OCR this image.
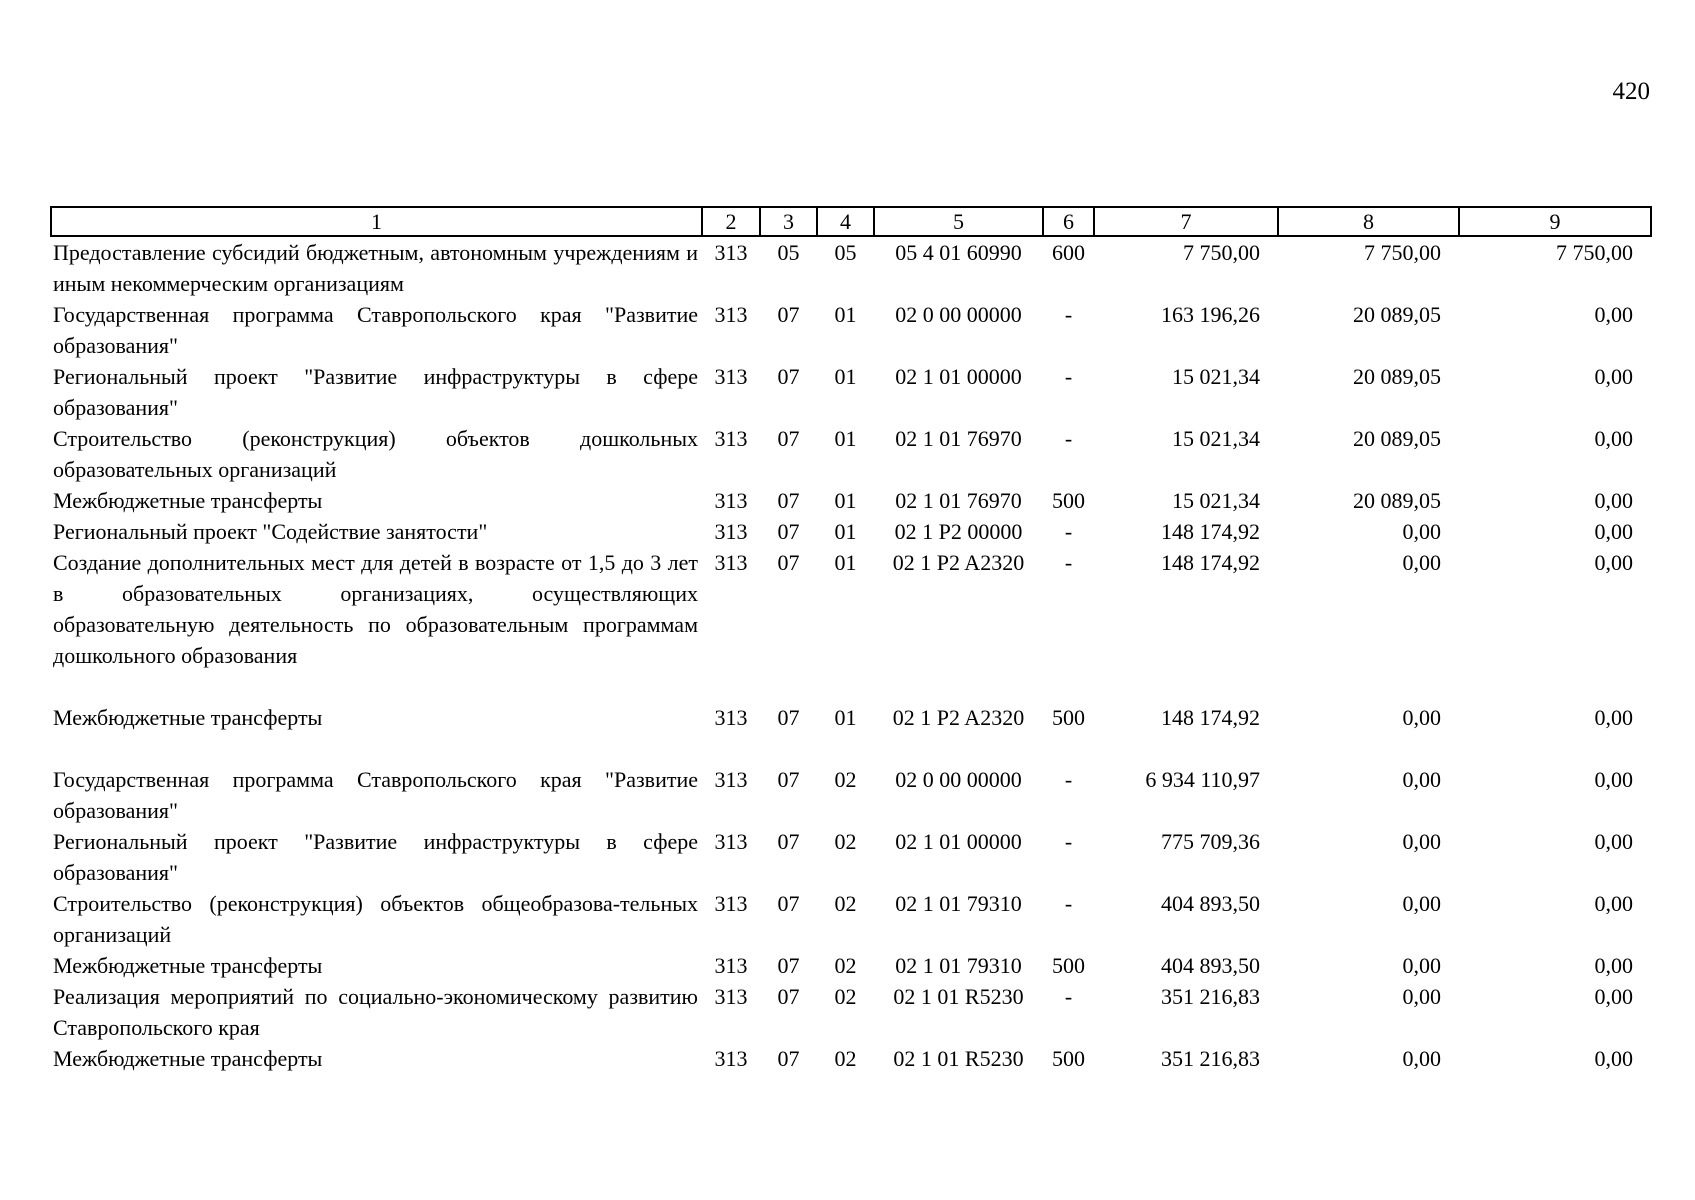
420
1	2	3	4	5	6	7	8	9
Предоставление субсидий бюджетным, автономным учреждениям и иным некоммерческим организациям	313	05	05	05 4 01 60990	600	7 750,00	7 750,00	7 750,00
Государственная программа Ставропольского края "Развитие образования"	313	07	01	02 0 00 00000	-	163 196,26	20 089,05	0,00
Региональный проект "Развитие инфраструктуры в сфере образования"	313	07	01	02 1 01 00000	-	15 021,34	20 089,05	0,00
Строительство (реконструкция) объектов дошкольных образовательных организаций	313	07	01	02 1 01 76970	-	15 021,34	20 089,05	0,00
Межбюджетные трансферты	313	07	01	02 1 01 76970	500	15 021,34	20 089,05	0,00
Региональный проект "Содействие занятости"	313	07	01	02 1 P2 00000	-	148 174,92	0,00	0,00
Создание дополнительных мест для детей в возрасте от 1,5 до 3 лет в образовательных организациях, осуществляющих образовательную деятельность по образовательным программам дошкольного образования	313	07	01	02 1 P2 A2320	-	148 174,92	0,00	0,00
Межбюджетные трансферты	313	07	01	02 1 P2 A2320	500	148 174,92	0,00	0,00
Государственная программа Ставропольского края "Развитие образования"	313	07	02	02 0 00 00000	-	6 934 110,97	0,00	0,00
Региональный проект "Развитие инфраструктуры в сфере образования"	313	07	02	02 1 01 00000	-	775 709,36	0,00	0,00
Строительство (реконструкция) объектов общеобразова-тельных организаций	313	07	02	02 1 01 79310	-	404 893,50	0,00	0,00
Межбюджетные трансферты	313	07	02	02 1 01 79310	500	404 893,50	0,00	0,00
Реализация мероприятий по социально-экономическому развитию Ставропольского края	313	07	02	02 1 01 R5230	-	351 216,83	0,00	0,00
Межбюджетные трансферты	313	07	02	02 1 01 R5230	500	351 216,83	0,00	0,00
